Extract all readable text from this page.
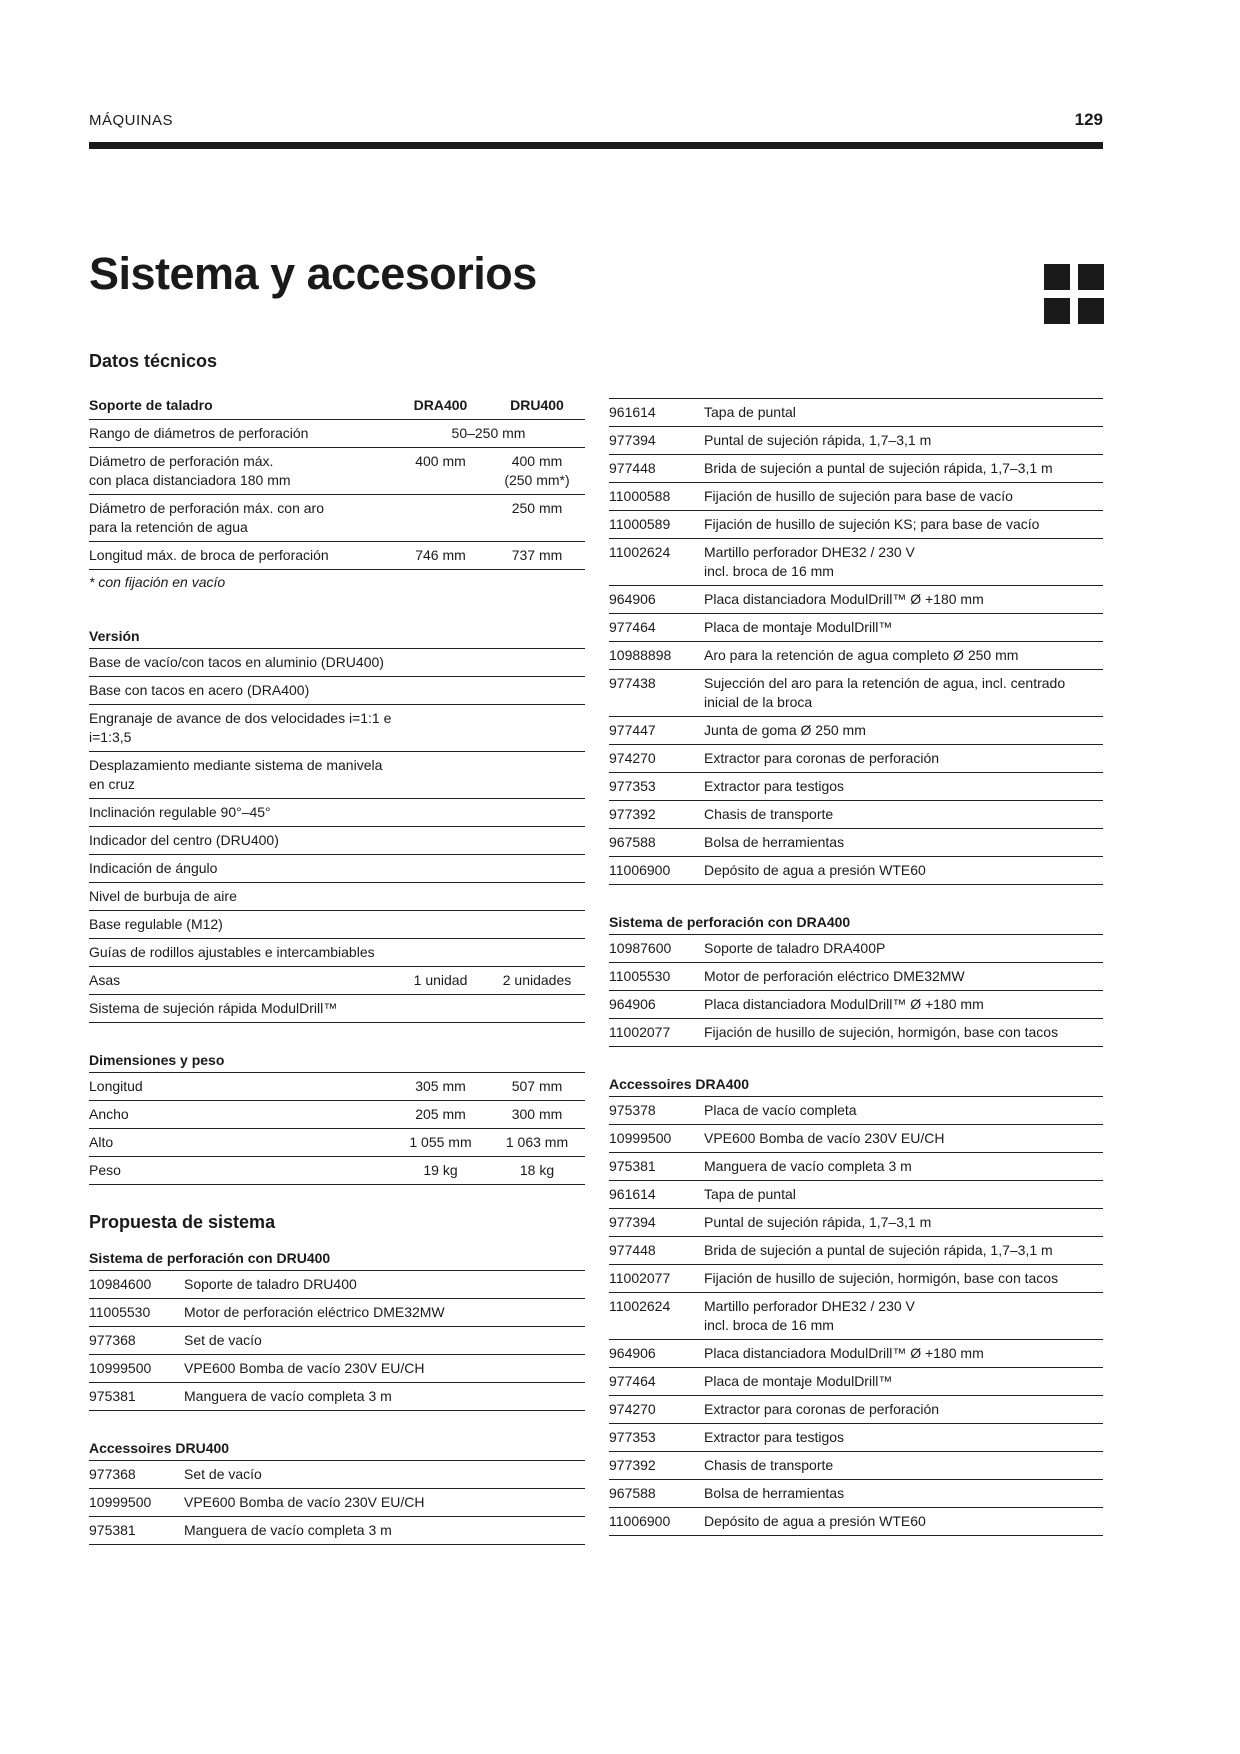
MÁQUINAS	129
Sistema y accesorios
Datos técnicos
Soporte de taladro	DRA400	DRU400
Rango de diámetros de perforación	50–250 mm	
Diámetro de perforación máx.
con placa distanciadora 180 mm	400 mm	400 mm
(250 mm*)
Diámetro de perforación máx. con aro
para la retención de agua		250 mm
Longitud máx. de broca de perforación	746 mm	737 mm
* con fijación en vacío
Versión
Base de vacío/con tacos en aluminio (DRU400)		
Base con tacos en acero (DRA400)		
Engranaje de avance de dos velocidades i=1:1 e i=1:3,5		
Desplazamiento mediante sistema de manivela en cruz		
Inclinación regulable 90°–45°		
Indicador del centro (DRU400)		
Indicación de ángulo		
Nivel de burbuja de aire		
Base regulable (M12)		
Guías de rodillos ajustables e intercambiables		
Asas	1 unidad	2 unidades
Sistema de sujeción rápida ModulDrill™		
Dimensiones y peso
Longitud	305 mm	507 mm
Ancho	205 mm	300 mm
Alto	1 055 mm	1 063 mm
Peso	19 kg	18 kg
Propuesta de sistema
Sistema de perforación con DRU400
10984600	Soporte de taladro DRU400
11005530	Motor de perforación eléctrico DME32MW
977368	Set de vacío
10999500	VPE600 Bomba de vacío 230V EU/CH
975381	Manguera de vacío completa 3 m
Accessoires DRU400
977368	Set de vacío
10999500	VPE600 Bomba de vacío 230V EU/CH
975381	Manguera de vacío completa 3 m
961614	Tapa de puntal
977394	Puntal de sujeción rápida, 1,7–3,1 m
977448	Brida de sujeción a puntal de sujeción rápida, 1,7–3,1 m
11000588	Fijación de husillo de sujeción para base de vacío
11000589	Fijación de husillo de sujeción KS; para base de vacío
11002624	Martillo perforador DHE32 / 230 V
incl. broca de 16 mm
964906	Placa distanciadora ModulDrill™ Ø +180 mm
977464	Placa de montaje ModulDrill™
10988898	Aro para la retención de agua completo Ø 250 mm
977438	Sujección del aro para la retención de agua, incl. centrado
inicial de la broca
977447	Junta de goma Ø 250 mm
974270	Extractor para coronas de perforación
977353	Extractor para testigos
977392	Chasis de transporte
967588	Bolsa de herramientas
11006900	Depósito de agua a presión WTE60
Sistema de perforación con DRA400
10987600	Soporte de taladro DRA400P
11005530	Motor de perforación eléctrico DME32MW
964906	Placa distanciadora ModulDrill™ Ø +180 mm
11002077	Fijación de husillo de sujeción, hormigón, base con tacos
Accessoires DRA400
975378	Placa de vacío completa
10999500	VPE600 Bomba de vacío 230V EU/CH
975381	Manguera de vacío completa 3 m
961614	Tapa de puntal
977394	Puntal de sujeción rápida, 1,7–3,1 m
977448	Brida de sujeción a puntal de sujeción rápida, 1,7–3,1 m
11002077	Fijación de husillo de sujeción, hormigón, base con tacos
11002624	Martillo perforador DHE32 / 230 V
incl. broca de 16 mm
964906	Placa distanciadora ModulDrill™ Ø +180 mm
977464	Placa de montaje ModulDrill™
974270	Extractor para coronas de perforación
977353	Extractor para testigos
977392	Chasis de transporte
967588	Bolsa de herramientas
11006900	Depósito de agua a presión WTE60
